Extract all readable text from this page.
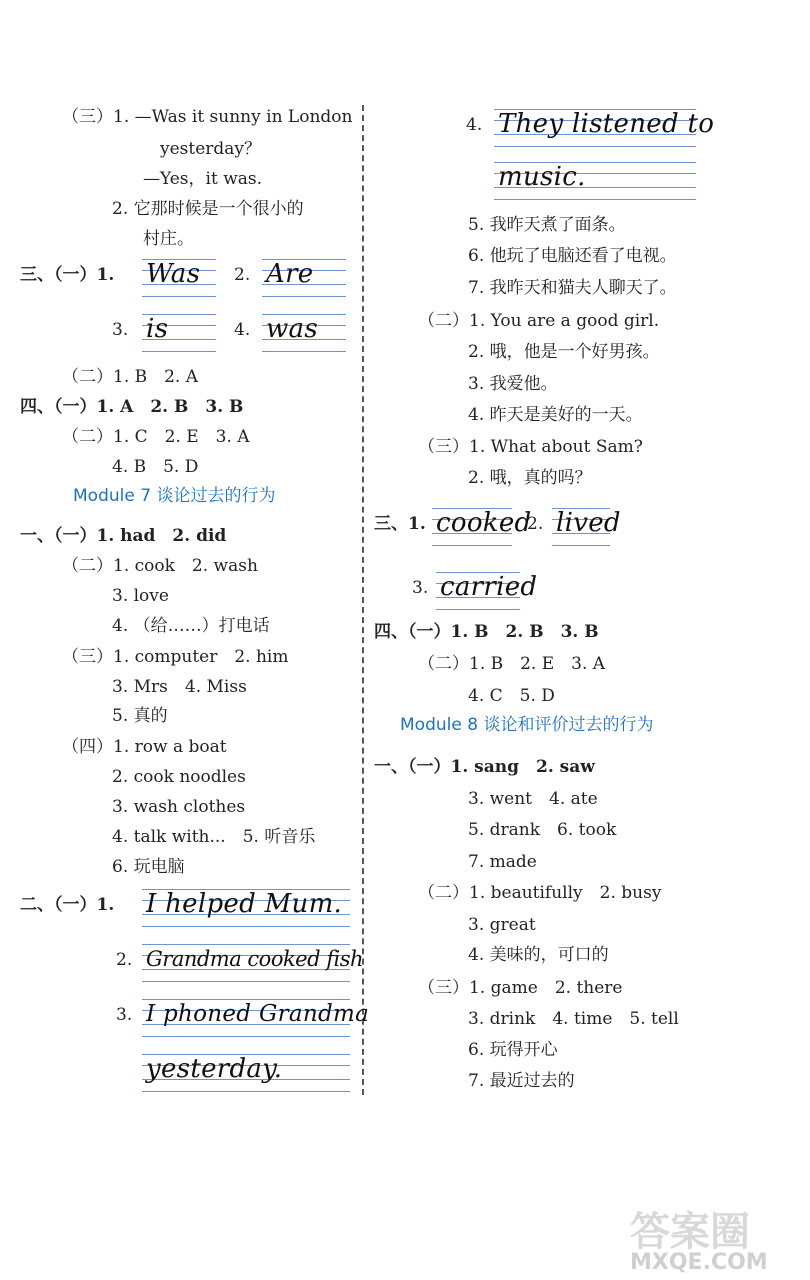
（三）1. —Was it sunny in London
yesterday？
—Yes，it was.
2. 它那时候是一个很小的
村庄。
三、（一）1. Was 2. Are
3. is	4. was
（二）1. B　2. A
四、（一）1. A　2. B　3. B
（二）1. C　2. E　3. A
4. B　5. D
Module 7 谈论过去的行为
一、（一）1. had　2. did
（二）1. cook　2. wash
3. love
4. （给……）打电话
（三）1. computer　2. him
3. Mrs　4. Miss
5. 真的
（四）1. row a boat
2. cook noodles
3. wash clothes
4. talk with...　5. 听音乐
6. 玩电脑
二、（一）1. I helped Mum.
2. Grandma cooked fish
3. I phoned Grandma
yesterday.
4. They listened to
music.
5. 我昨天煮了面条。
6. 他玩了电脑还看了电视。
7. 我昨天和猫夫人聊天了。
（二）1. You are a good girl.
2. 哦，他是一个好男孩。
3. 我爱他。
4. 昨天是美好的一天。
（三）1. What about Sam?
2. 哦，真的吗？
三、1. cooked
2. lived
3. carried
四、（一）1. B　2. B　3. B
（二）1. B　2. E　3. A
4. C　5. D
Module 8 谈论和评价过去的行为
一、（一）1. sang　2. saw
3. went　4. ate
5. drank　6. took
7. made
（二）1. beautifully　2. busy
3. great
4. 美味的，可口的
（三）1. game　2. there
3. drink　4. time　5. tell
6. 玩得开心
7. 最近过去的
答案圈
MXQE.COM
